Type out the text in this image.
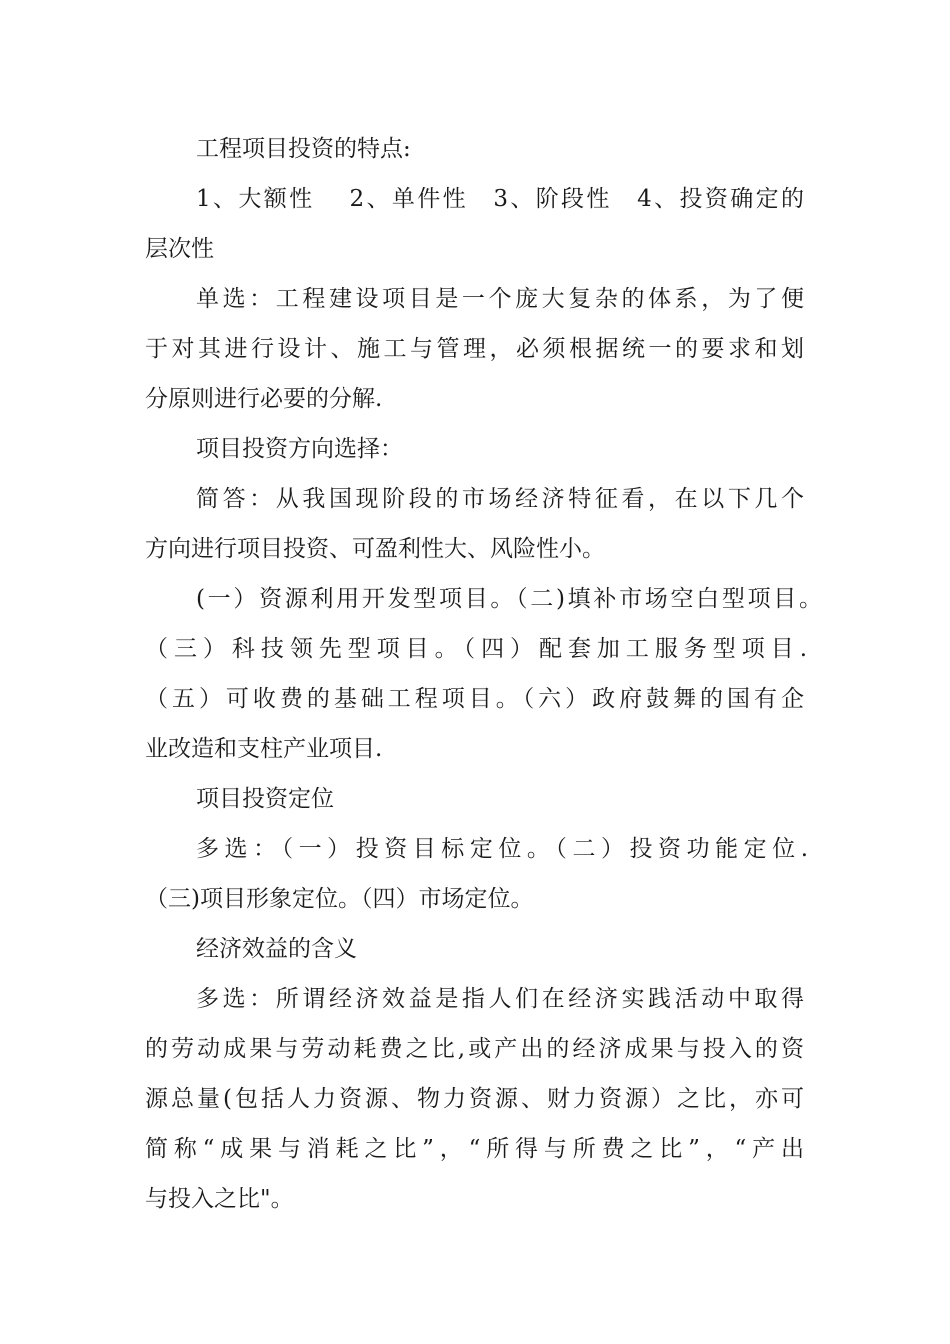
工程项目投资的特点:

1、大额性　 2、单件性　3、阶段性　4、投资确定的

层次性

单选：工程建设项目是一个庞大复杂的体系，为了便

于对其进行设计、施工与管理，必须根据统一的要求和划

分原则进行必要的分解.

项目投资方向选择：

简答：从我国现阶段的市场经济特征看，在以下几个

方向进行项目投资、可盈利性大、风险性小。

(一）资源利用开发型项目。（二)填补市场空白型项目。

（三）科技领先型项目。（四）配套加工服务型项目.

（五）可收费的基础工程项目。（六）政府鼓舞的国有企

业改造和支柱产业项目.

项目投资定位

多选：（一）投资目标定位。（二）投资功能定位.

（三)项目形象定位。（四）市场定位。

经济效益的含义

多选：所谓经济效益是指人们在经济实践活动中取得

的劳动成果与劳动耗费之比,或产出的经济成果与投入的资

源总量(包括人力资源、物力资源、财力资源）之比，亦可

简称“成果与消耗之比”，“所得与所费之比”，“产出

与投入之比"。
